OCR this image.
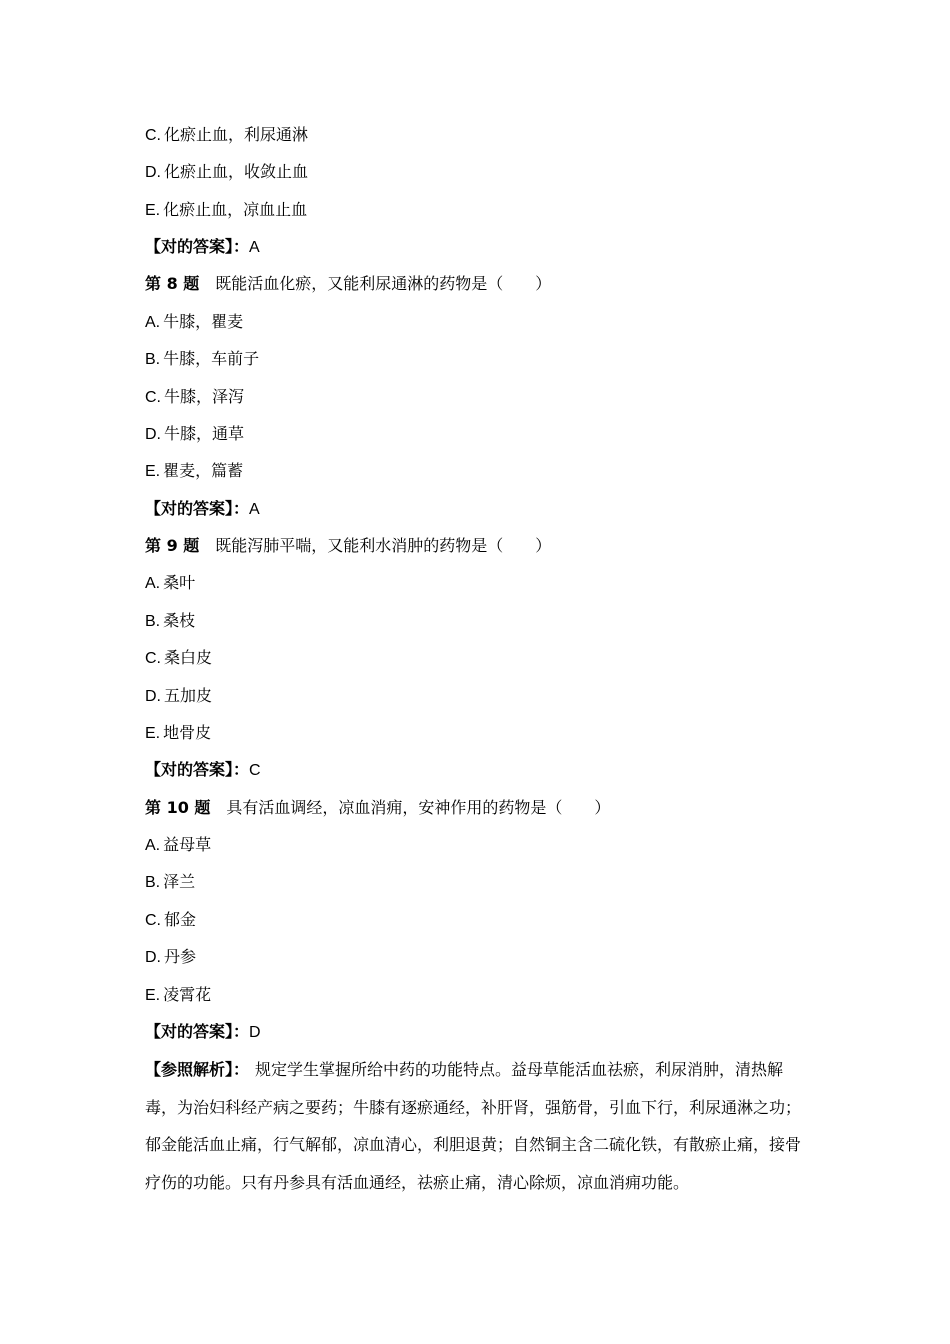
C. 化瘀止血，利尿通淋
D. 化瘀止血，收敛止血
E. 化瘀止血，凉血止血
【对的答案】：A
第 8 题 既能活血化瘀，又能利尿通淋的药物是（　　）
A. 牛膝，瞿麦
B. 牛膝，车前子
C. 牛膝，泽泻
D. 牛膝，通草
E. 瞿麦，篇蓄
【对的答案】：A
第 9 题 既能泻肺平喘，又能利水消肿的药物是（　　）
A. 桑叶
B. 桑枝
C. 桑白皮
D. 五加皮
E. 地骨皮
【对的答案】：C
第 10 题 具有活血调经，凉血消痈，安神作用的药物是（　　）
A. 益母草
B. 泽兰
C. 郁金
D. 丹参
E. 凌霄花
【对的答案】：D
【参照解析】： 规定学生掌握所给中药的功能特点。益母草能活血祛瘀，利尿消肿，清热解毒，为治妇科经产病之要药；牛膝有逐瘀通经，补肝肾，强筋骨，引血下行，利尿通淋之功；郁金能活血止痛，行气解郁，凉血清心，利胆退黄；自然铜主含二硫化铁，有散瘀止痛，接骨疗伤的功能。只有丹参具有活血通经，祛瘀止痛，清心除烦，凉血消痈功能。
